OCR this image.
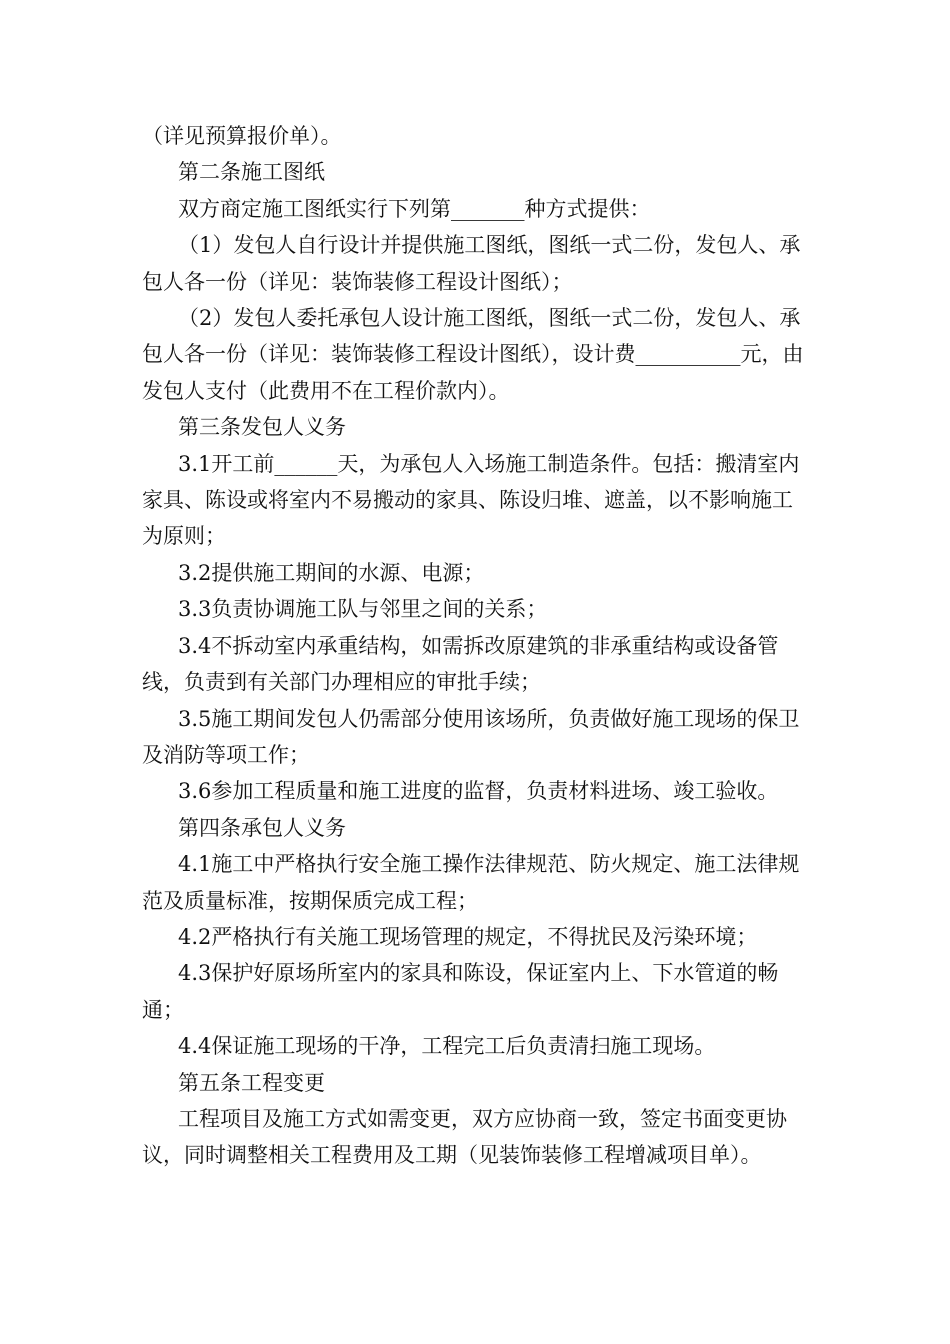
（详见预算报价单）。

第二条施工图纸

双方商定施工图纸实行下列第_______种方式提供：

（1）发包人自行设计并提供施工图纸，图纸一式二份，发包人、承包人各一份（详见：装饰装修工程设计图纸）；

（2）发包人委托承包人设计施工图纸，图纸一式二份，发包人、承包人各一份（详见：装饰装修工程设计图纸），设计费__________元，由发包人支付（此费用不在工程价款内）。

第三条发包人义务

3.1开工前______天，为承包人入场施工制造条件。包括：搬清室内家具、陈设或将室内不易搬动的家具、陈设归堆、遮盖，以不影响施工为原则；

3.2提供施工期间的水源、电源；

3.3负责协调施工队与邻里之间的关系；

3.4不拆动室内承重结构，如需拆改原建筑的非承重结构或设备管线，负责到有关部门办理相应的审批手续；

3.5施工期间发包人仍需部分使用该场所，负责做好施工现场的保卫及消防等项工作；

3.6参加工程质量和施工进度的监督，负责材料进场、竣工验收。

第四条承包人义务

4.1施工中严格执行安全施工操作法律规范、防火规定、施工法律规范及质量标准，按期保质完成工程；

4.2严格执行有关施工现场管理的规定，不得扰民及污染环境；

4.3保护好原场所室内的家具和陈设，保证室内上、下水管道的畅通；

4.4保证施工现场的干净，工程完工后负责清扫施工现场。

第五条工程变更

工程项目及施工方式如需变更，双方应协商一致，签定书面变更协议，同时调整相关工程费用及工期（见装饰装修工程增减项目单）。
